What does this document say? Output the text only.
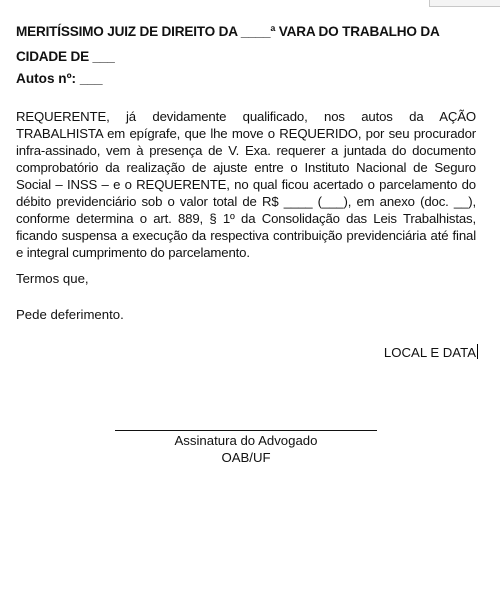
MERITÍSSIMO JUIZ DE DIREITO DA ____ª VARA DO TRABALHO DA CIDADE DE ___
Autos nº: ___
REQUERENTE, já devidamente qualificado, nos autos da AÇÃO TRABALHISTA em epígrafe, que lhe move o REQUERIDO, por seu procurador infra-assinado, vem à presença de V. Exa. requerer a juntada do documento comprobatório da realização de ajuste entre o Instituto Nacional de Seguro Social – INSS – e o REQUERENTE, no qual ficou acertado o parcelamento do débito previdenciário sob o valor total de R$ ____ (___), em anexo (doc. __), conforme determina o art. 889, § 1º da Consolidação das Leis Trabalhistas, ficando suspensa a execução da respectiva contribuição previdenciária até final e integral cumprimento do parcelamento.
Termos que,
Pede deferimento.
LOCAL E DATA
Assinatura do Advogado
OAB/UF
